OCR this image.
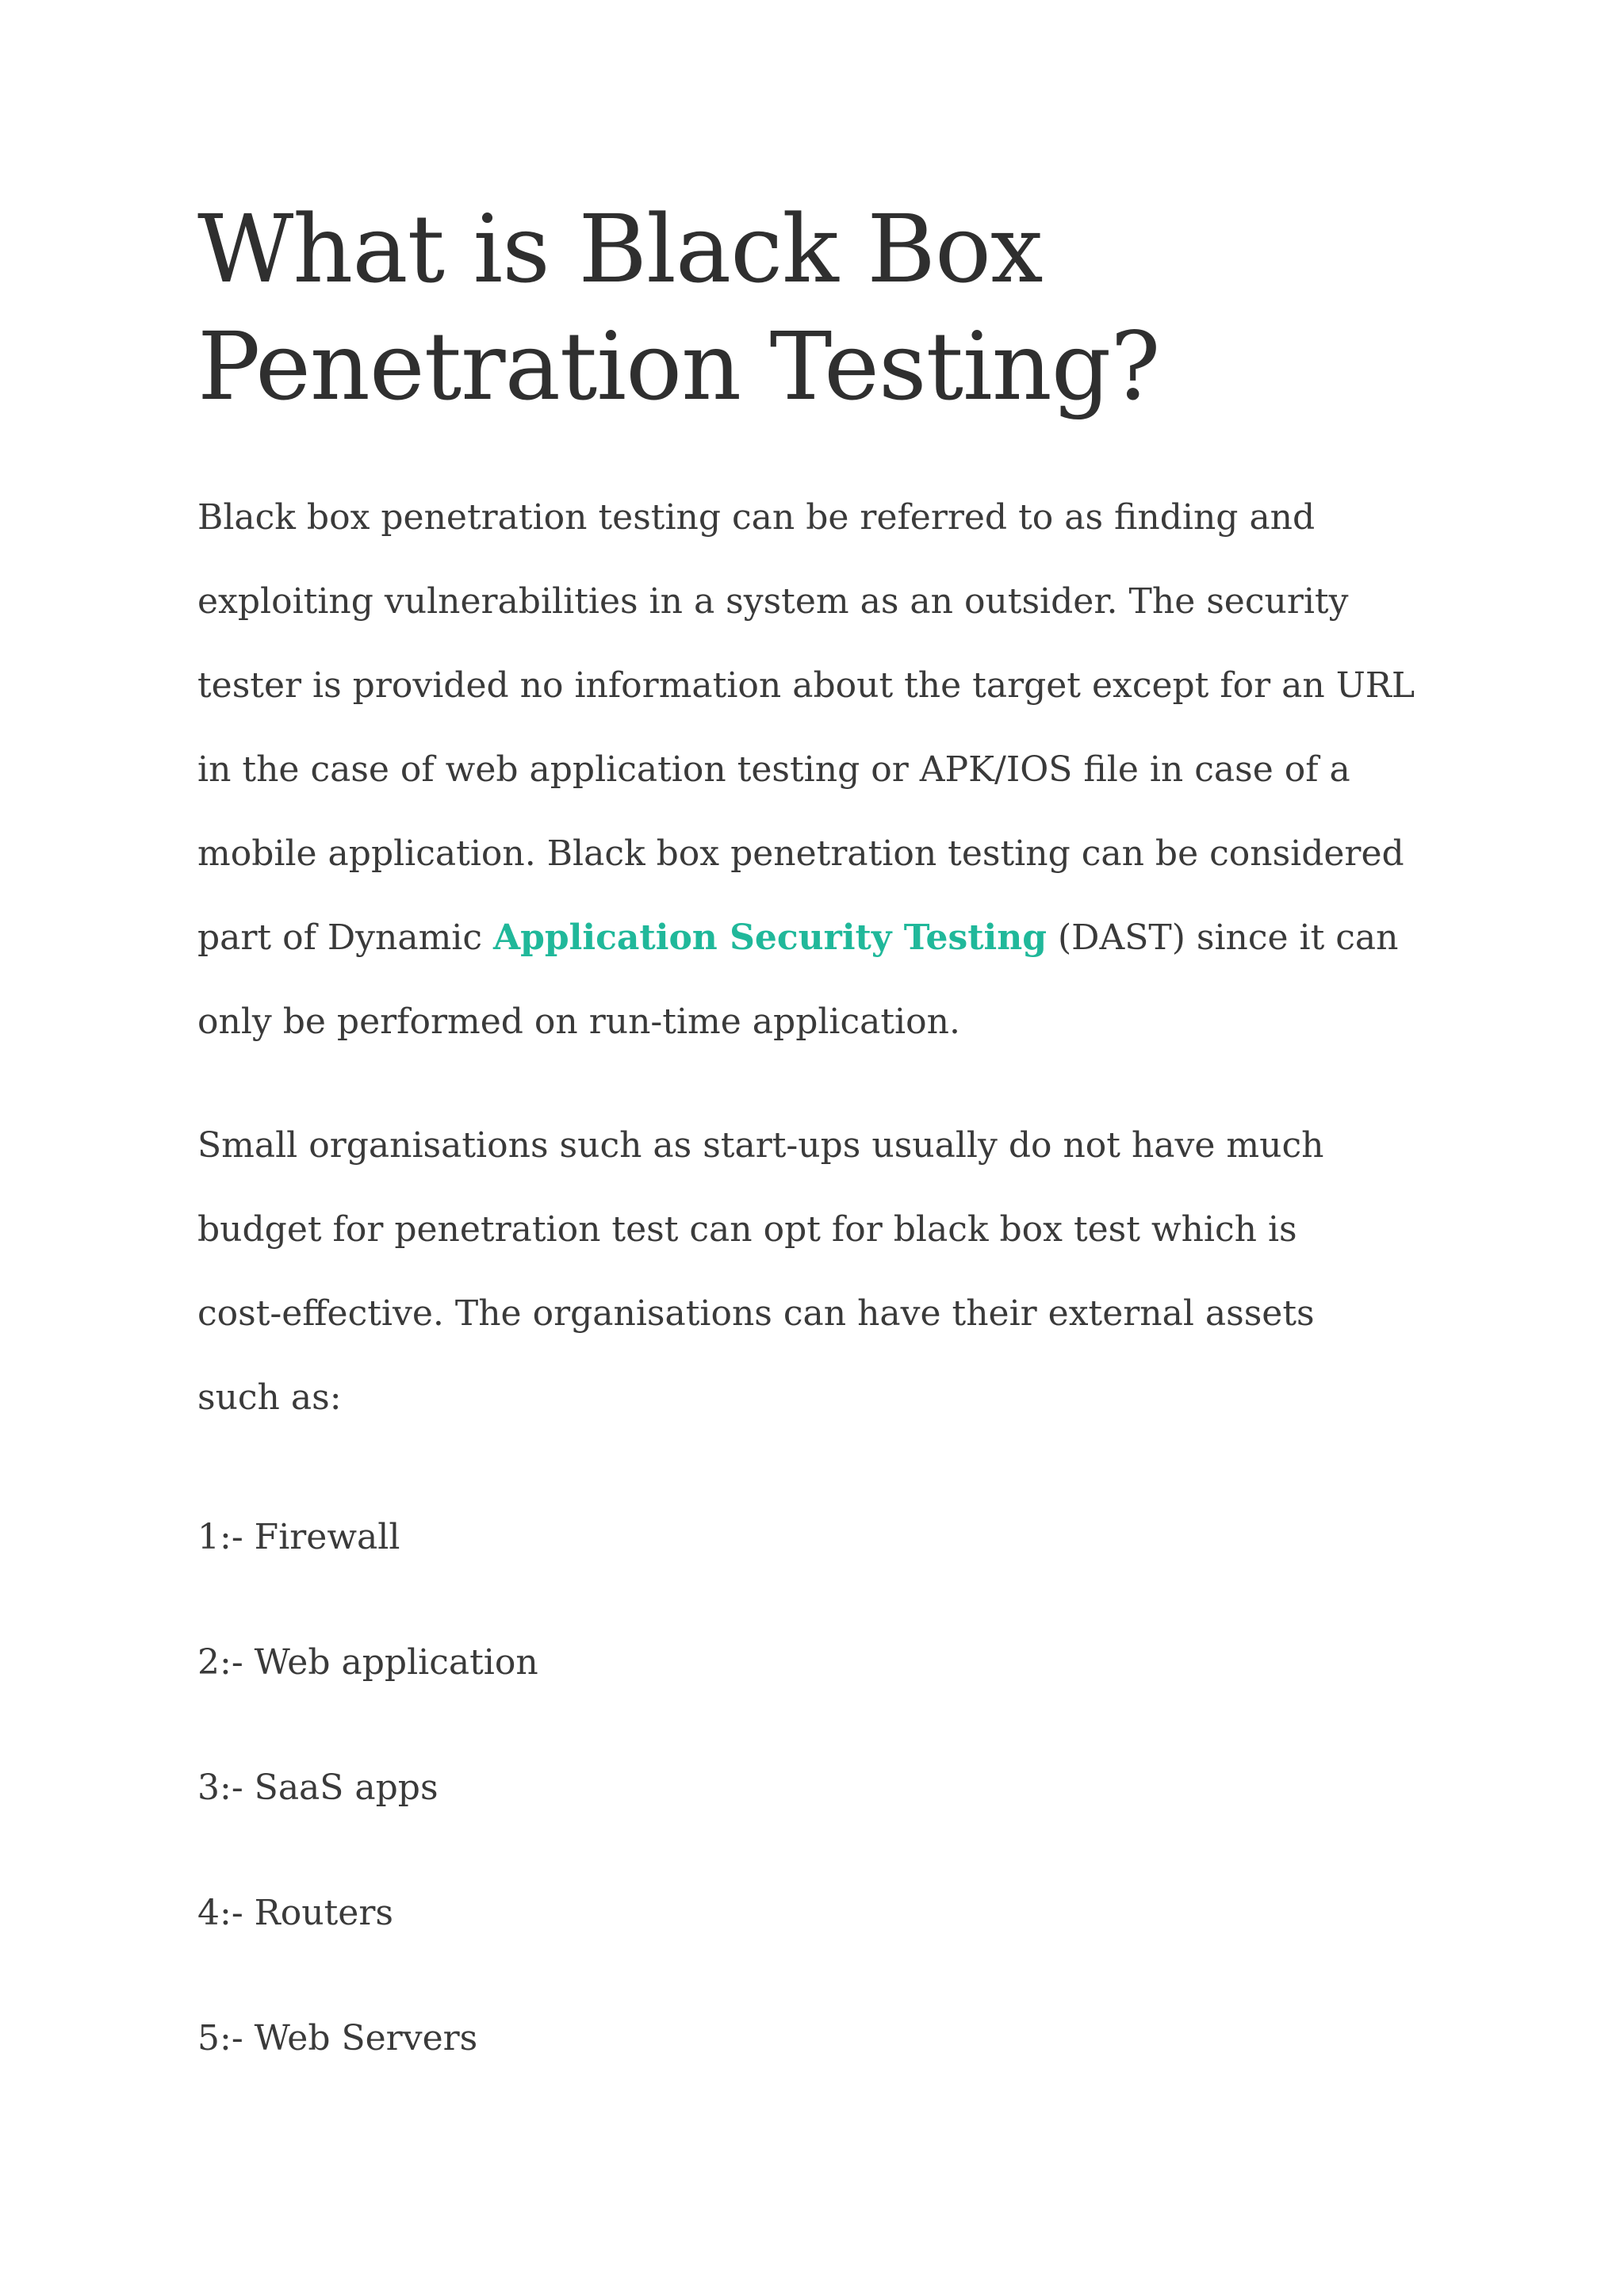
What is Black Box
Penetration Testing?

Black box penetration testing can be referred to as finding and
exploiting vulnerabilities in a system as an outsider. The security
tester is provided no information about the target except for an URL
in the case of web application testing or APK/IOS file in case of a
mobile application. Black box penetration testing can be considered
part of Dynamic Application Security Testing (DAST) since it can
only be performed on run-time application.

Small organisations such as start-ups usually do not have much
budget for penetration test can opt for black box test which is
cost-effective. The organisations can have their external assets
such as:

1:- Firewall

2:- Web application

3:- SaaS apps

4:- Routers

5:- Web Servers
